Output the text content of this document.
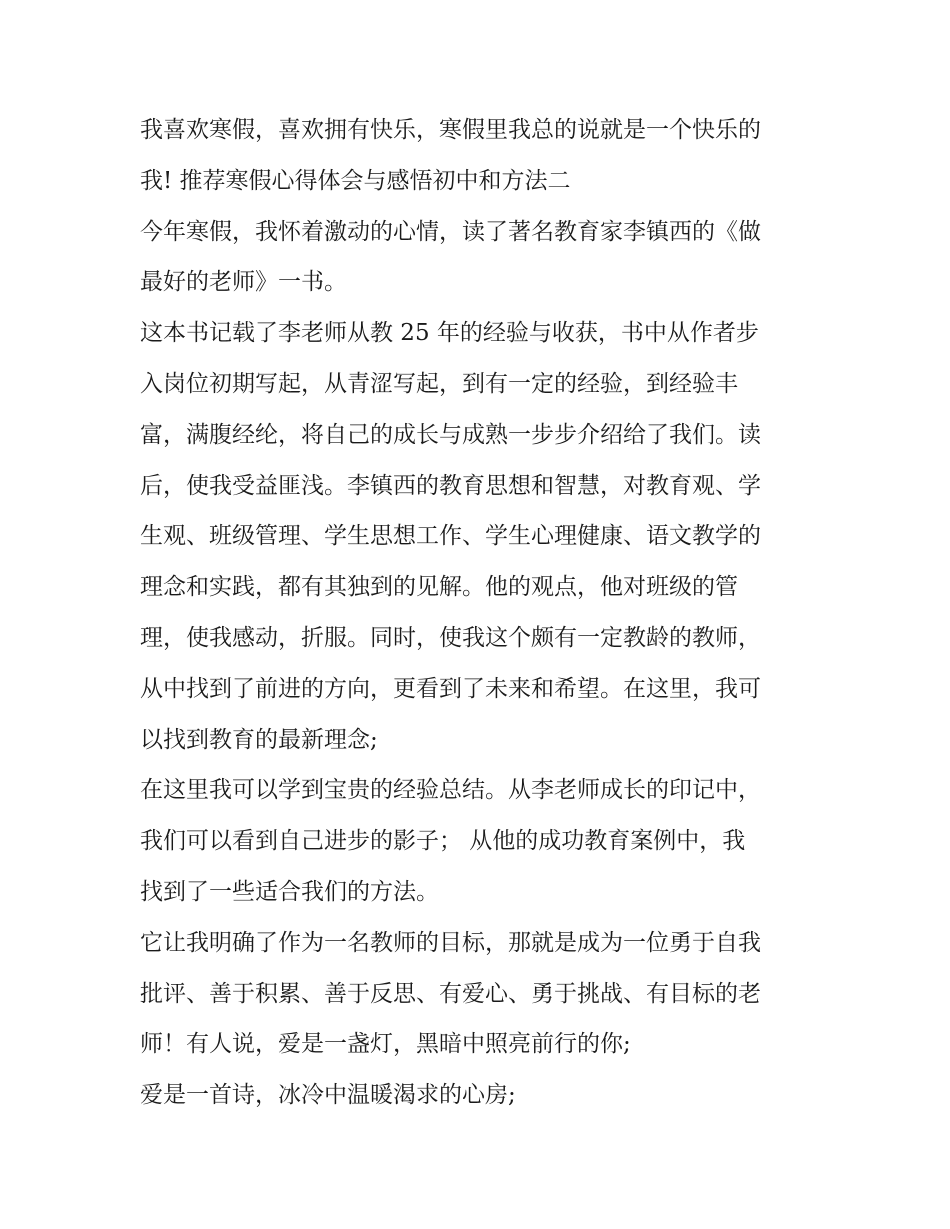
我喜欢寒假，喜欢拥有快乐，寒假里我总的说就是一个快乐的
我! 推荐寒假心得体会与感悟初中和方法二
今年寒假，我怀着激动的心情，读了著名教育家李镇西的《做
最好的老师》一书。
这本书记载了李老师从教 25 年的经验与收获，书中从作者步
入岗位初期写起，从青涩写起，到有一定的经验，到经验丰
富，满腹经纶，将自己的成长与成熟一步步介绍给了我们。读
后，使我受益匪浅。李镇西的教育思想和智慧，对教育观、学
生观、班级管理、学生思想工作、学生心理健康、语文教学的
理念和实践，都有其独到的见解。他的观点，他对班级的管
理，使我感动，折服。同时，使我这个颇有一定教龄的教师，
从中找到了前进的方向，更看到了未来和希望。在这里，我可
以找到教育的最新理念;
在这里我可以学到宝贵的经验总结。从李老师成长的印记中，
我们可以看到自己进步的影子； 从他的成功教育案例中，我
找到了一些适合我们的方法。
它让我明确了作为一名教师的目标，那就是成为一位勇于自我
批评、善于积累、善于反思、有爱心、勇于挑战、有目标的老
师！有人说，爱是一盏灯，黑暗中照亮前行的你;
爱是一首诗，冰冷中温暖渴求的心房;
